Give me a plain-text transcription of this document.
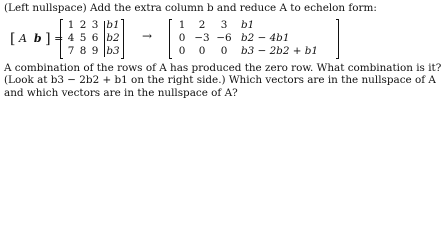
(Left nullspace) Add the extra column b and reduce A to echelon form:
[ A b ] =
1 2 3 b1
4 5 6 b2
7 8 9 b3
→
1	2	3	b1
0 −3 −6 b2 − 4b1
0	0	0	b3 − 2b2 + b1
A combination of the rows of A has produced the zero row. What combination is it?
(Look at b3 − 2b2 + b1 on the right side.) Which vectors are in the nullspace of A
and which vectors are in the nullspace of A?
